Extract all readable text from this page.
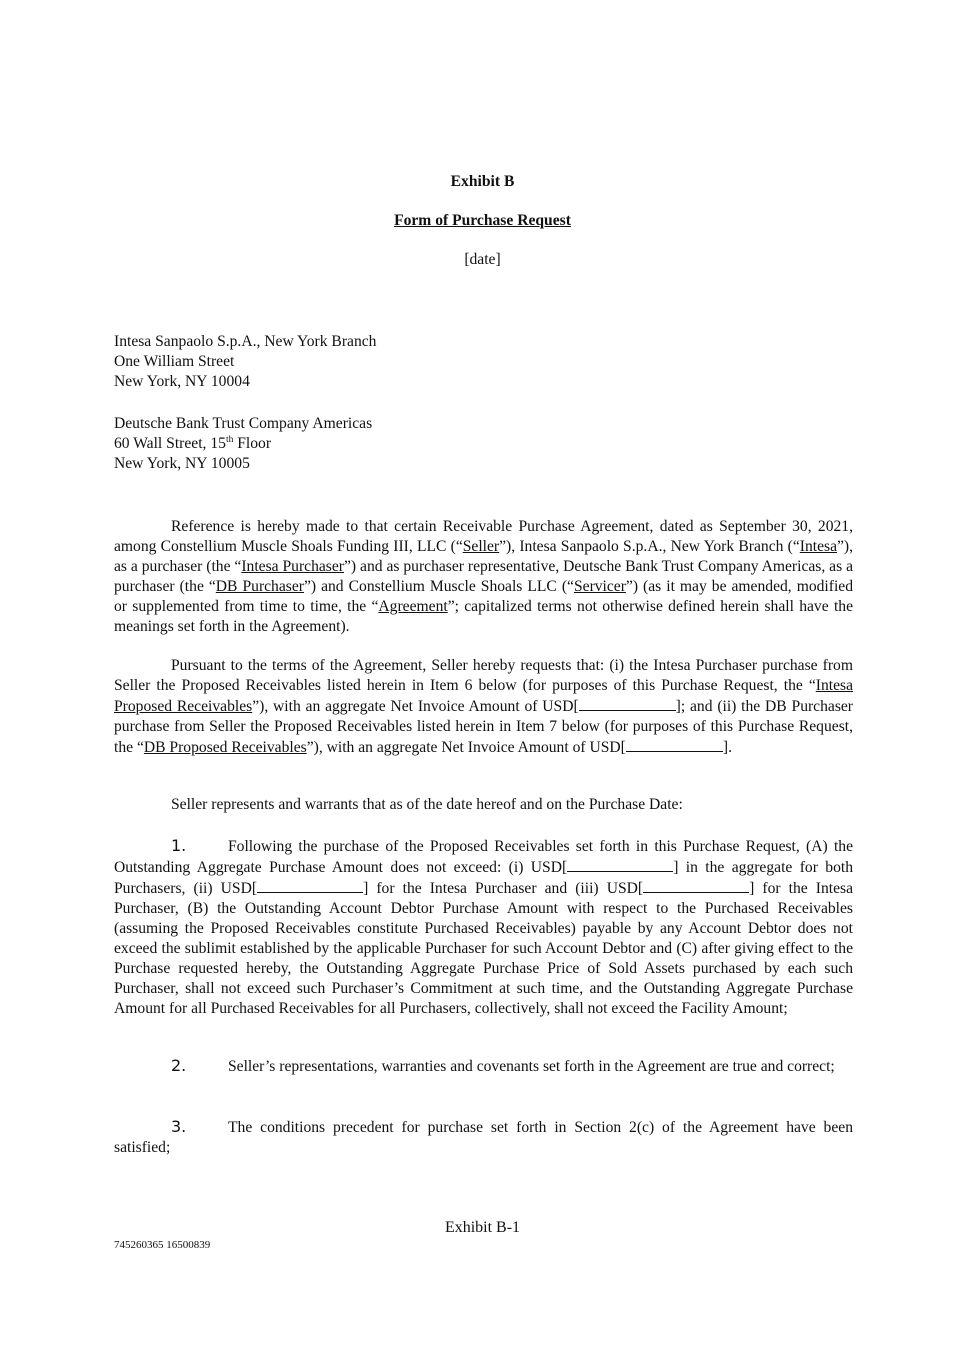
Exhibit B
Form of Purchase Request
[date]
Intesa Sanpaolo S.p.A., New York Branch
One William Street
New York, NY 10004
Deutsche Bank Trust Company Americas
60 Wall Street, 15th Floor
New York, NY 10005

Reference is hereby made to that certain Receivable Purchase Agreement, dated as September 30, 2021, among Constellium Muscle Shoals Funding III, LLC (“Seller”), Intesa Sanpaolo S.p.A., New York Branch (“Intesa”), as a purchaser (the “Intesa Purchaser”) and as purchaser representative, Deutsche Bank Trust Company Americas, as a purchaser (the “DB Purchaser”) and Constellium Muscle Shoals LLC (“Servicer”) (as it may be amended, modified or supplemented from time to time, the “Agreement”; capitalized terms not otherwise defined herein shall have the meanings set forth in the Agreement).

Pursuant to the terms of the Agreement, Seller hereby requests that: (i) the Intesa Purchaser purchase from Seller the Proposed Receivables listed herein in Item 6 below (for purposes of this Purchase Request, the “Intesa Proposed Receivables”), with an aggregate Net Invoice Amount of USD[	]; and (ii) the DB Purchaser purchase from Seller the Proposed Receivables listed herein in Item 7 below (for purposes of this Purchase Request, the “DB Proposed Receivables”), with an aggregate Net Invoice Amount of USD[	].

Seller represents and warrants that as of the date hereof and on the Purchase Date:

1.	Following the purchase of the Proposed Receivables set forth in this Purchase Request, (A) the Outstanding Aggregate Purchase Amount does not exceed: (i) USD[	] in the aggregate for both Purchasers, (ii) USD[	] for the Intesa Purchaser and (iii) USD[	] for the Intesa Purchaser, (B) the Outstanding Account Debtor Purchase Amount with respect to the Purchased Receivables (assuming the Proposed Receivables constitute Purchased Receivables) payable by any Account Debtor does not exceed the sublimit established by the applicable Purchaser for such Account Debtor and (C) after giving effect to the Purchase requested hereby, the Outstanding Aggregate Purchase Price of Sold Assets purchased by each such Purchaser, shall not exceed such Purchaser’s Commitment at such time, and the Outstanding Aggregate Purchase Amount for all Purchased Receivables for all Purchasers, collectively, shall not exceed the Facility Amount;

2.	Seller’s representations, warranties and covenants set forth in the Agreement are true and correct;

3.	The conditions precedent for purchase set forth in Section 2(c) of the Agreement have been satisfied;

Exhibit B-1
745260365 16500839
